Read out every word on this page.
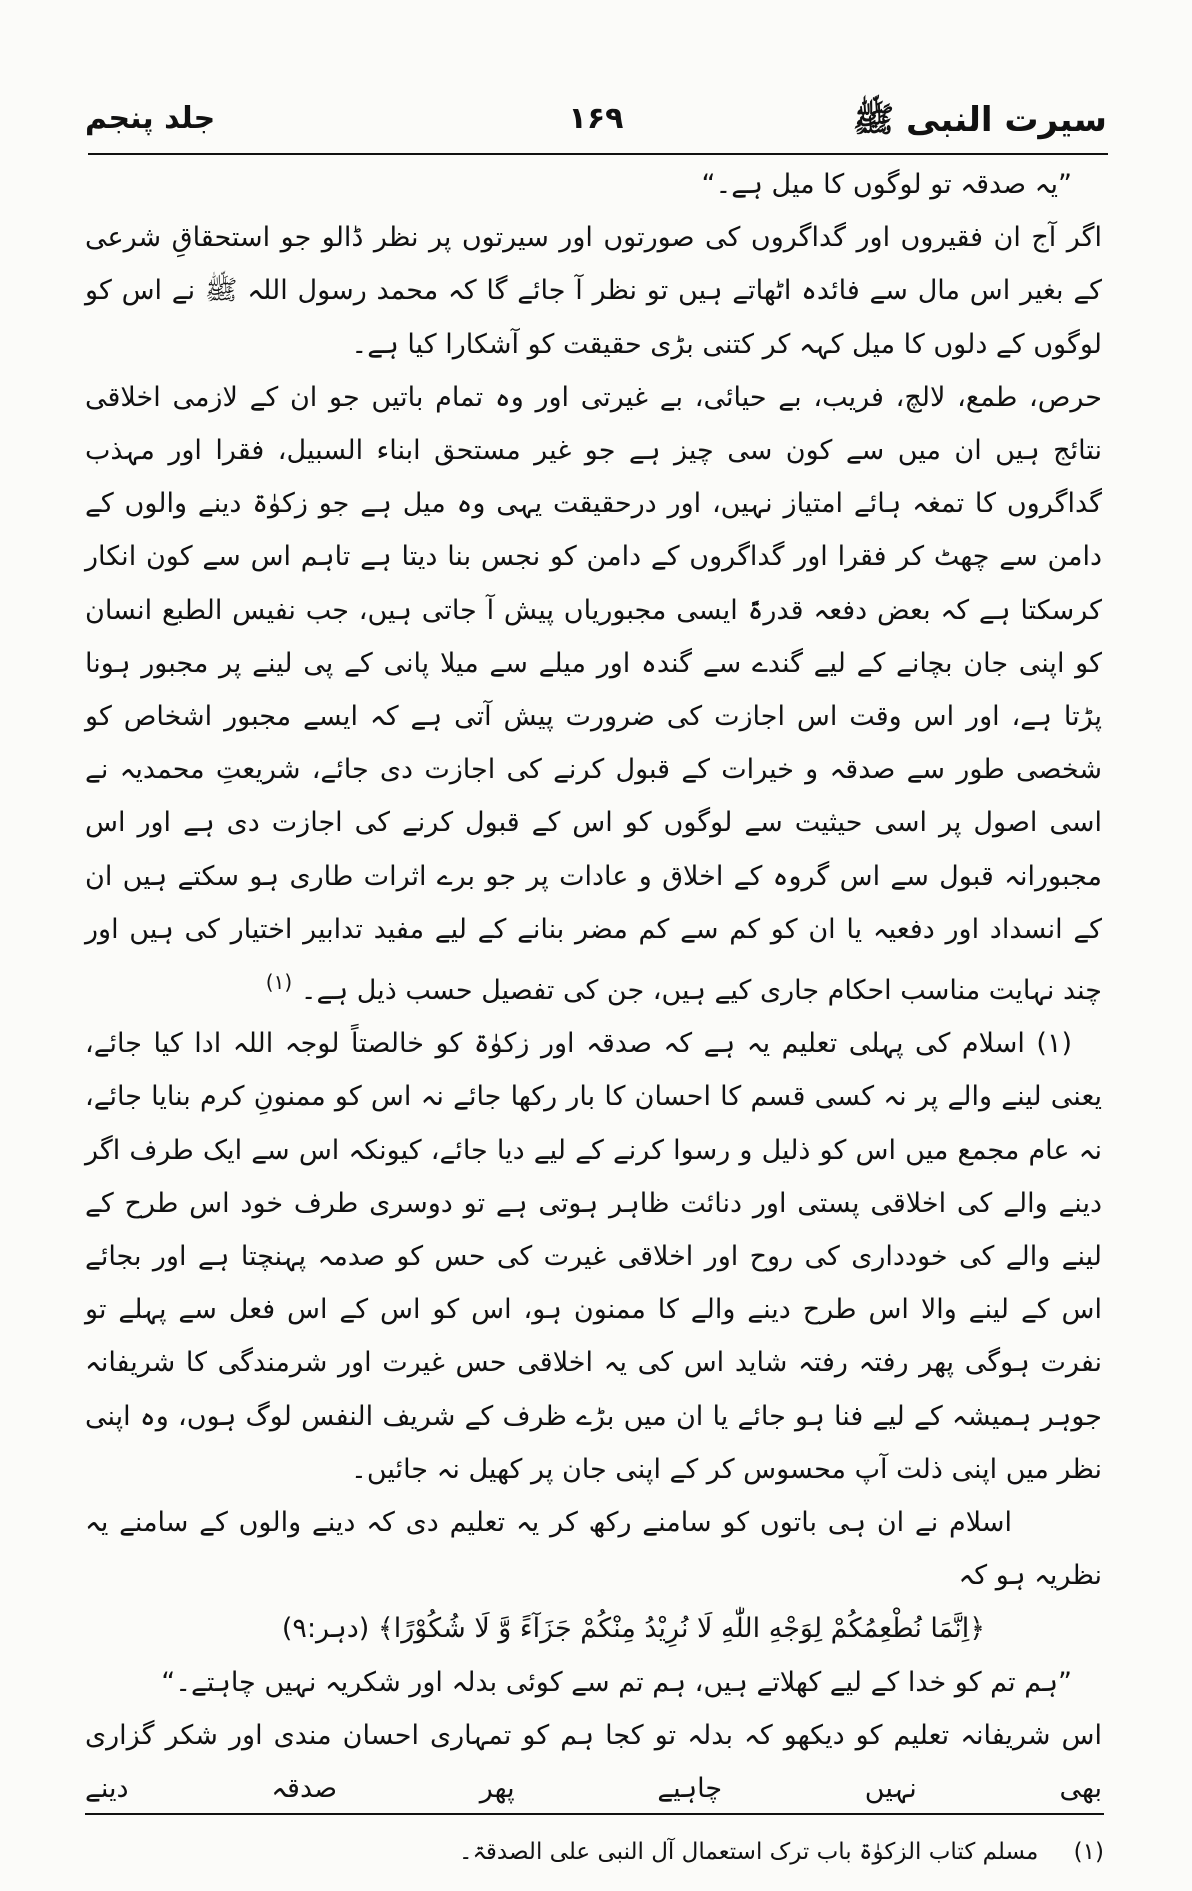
سیرت النبی ﷺ
۱۶۹
جلد پنجم

”یہ صدقہ تو لوگوں کا میل ہے۔“

اگر آج ان فقیروں اور گداگروں کی صورتوں اور سیرتوں پر نظر ڈالو جو استحقاقِ شرعی کے بغیر اس مال سے فائدہ اٹھاتے ہیں تو نظر آ جائے گا کہ محمد رسول اللہ ﷺ نے اس کو لوگوں کے دلوں کا میل کہہ کر کتنی بڑی حقیقت کو آشکارا کیا ہے۔

حرص، طمع، لالچ، فریب، بے حیائی، بے غیرتی اور وہ تمام باتیں جو ان کے لازمی اخلاقی نتائج ہیں ان میں سے کون سی چیز ہے جو غیر مستحق ابناء السبیل، فقرا اور مہذب گداگروں کا تمغہ ہائے امتیاز نہیں، اور درحقیقت یہی وہ میل ہے جو زکوٰۃ دینے والوں کے دامن سے چھٹ کر فقرا اور گداگروں کے دامن کو نجس بنا دیتا ہے تاہم اس سے کون انکار کرسکتا ہے کہ بعض دفعہ قدرۃً ایسی مجبوریاں پیش آ جاتی ہیں، جب نفیس الطبع انسان کو اپنی جان بچانے کے لیے گندے سے گندہ اور میلے سے میلا پانی کے پی لینے پر مجبور ہونا پڑتا ہے، اور اس وقت اس اجازت کی ضرورت پیش آتی ہے کہ ایسے مجبور اشخاص کو شخصی طور سے صدقہ و خیرات کے قبول کرنے کی اجازت دی جائے، شریعتِ محمدیہ نے اسی اصول پر اسی حیثیت سے لوگوں کو اس کے قبول کرنے کی اجازت دی ہے اور اس مجبورانہ قبول سے اس گروہ کے اخلاق و عادات پر جو برے اثرات طاری ہو سکتے ہیں ان کے انسداد اور دفعیہ یا ان کو کم سے کم مضر بنانے کے لیے مفید تدابیر اختیار کی ہیں اور چند نہایت مناسب احکام جاری کیے ہیں، جن کی تفصیل حسب ذیل ہے۔ $^{(۱)}$

(۱) اسلام کی پہلی تعلیم یہ ہے کہ صدقہ اور زکوٰۃ کو خالصتاً لوجہ اللہ ادا کیا جائے، یعنی لینے والے پر نہ کسی قسم کا احسان کا بار رکھا جائے نہ اس کو ممنونِ کرم بنایا جائے، نہ عام مجمع میں اس کو ذلیل و رسوا کرنے کے لیے دیا جائے، کیونکہ اس سے ایک طرف اگر دینے والے کی اخلاقی پستی اور دنائت ظاہر ہوتی ہے تو دوسری طرف خود اس طرح کے لینے والے کی خودداری کی روح اور اخلاقی غیرت کی حس کو صدمہ پہنچتا ہے اور بجائے اس کے لینے والا اس طرح دینے والے کا ممنون ہو، اس کو اس کے اس فعل سے پہلے تو نفرت ہوگی پھر رفتہ رفتہ شاید اس کی یہ اخلاقی حس غیرت اور شرمندگی کا شریفانہ جوہر ہمیشہ کے لیے فنا ہو جائے یا ان میں بڑے ظرف کے شریف النفس لوگ ہوں، وہ اپنی نظر میں اپنی ذلت آپ محسوس کر کے اپنی جان پر کھیل نہ جائیں۔

اسلام نے ان ہی باتوں کو سامنے رکھ کر یہ تعلیم دی کہ دینے والوں کے سامنے یہ نظریہ ہو کہ

﴿اِنَّمَا نُطْعِمُكُمْ لِوَجْهِ اللّٰهِ لَا نُرِيْدُ مِنْكُمْ جَزَآءً وَّ لَا شُكُوْرًا﴾ (دہر:۹)

”ہم تم کو خدا کے لیے کھلاتے ہیں، ہم تم سے کوئی بدلہ اور شکریہ نہیں چاہتے۔“

اس شریفانہ تعلیم کو دیکھو کہ بدلہ تو کجا ہم کو تمہاری احسان مندی اور شکر گزاری بھی نہیں چاہیے پھر صدقہ دینے

(۱) مسلم کتاب الزکوٰۃ باب ترک استعمال آل النبی علی الصدقۃ۔
